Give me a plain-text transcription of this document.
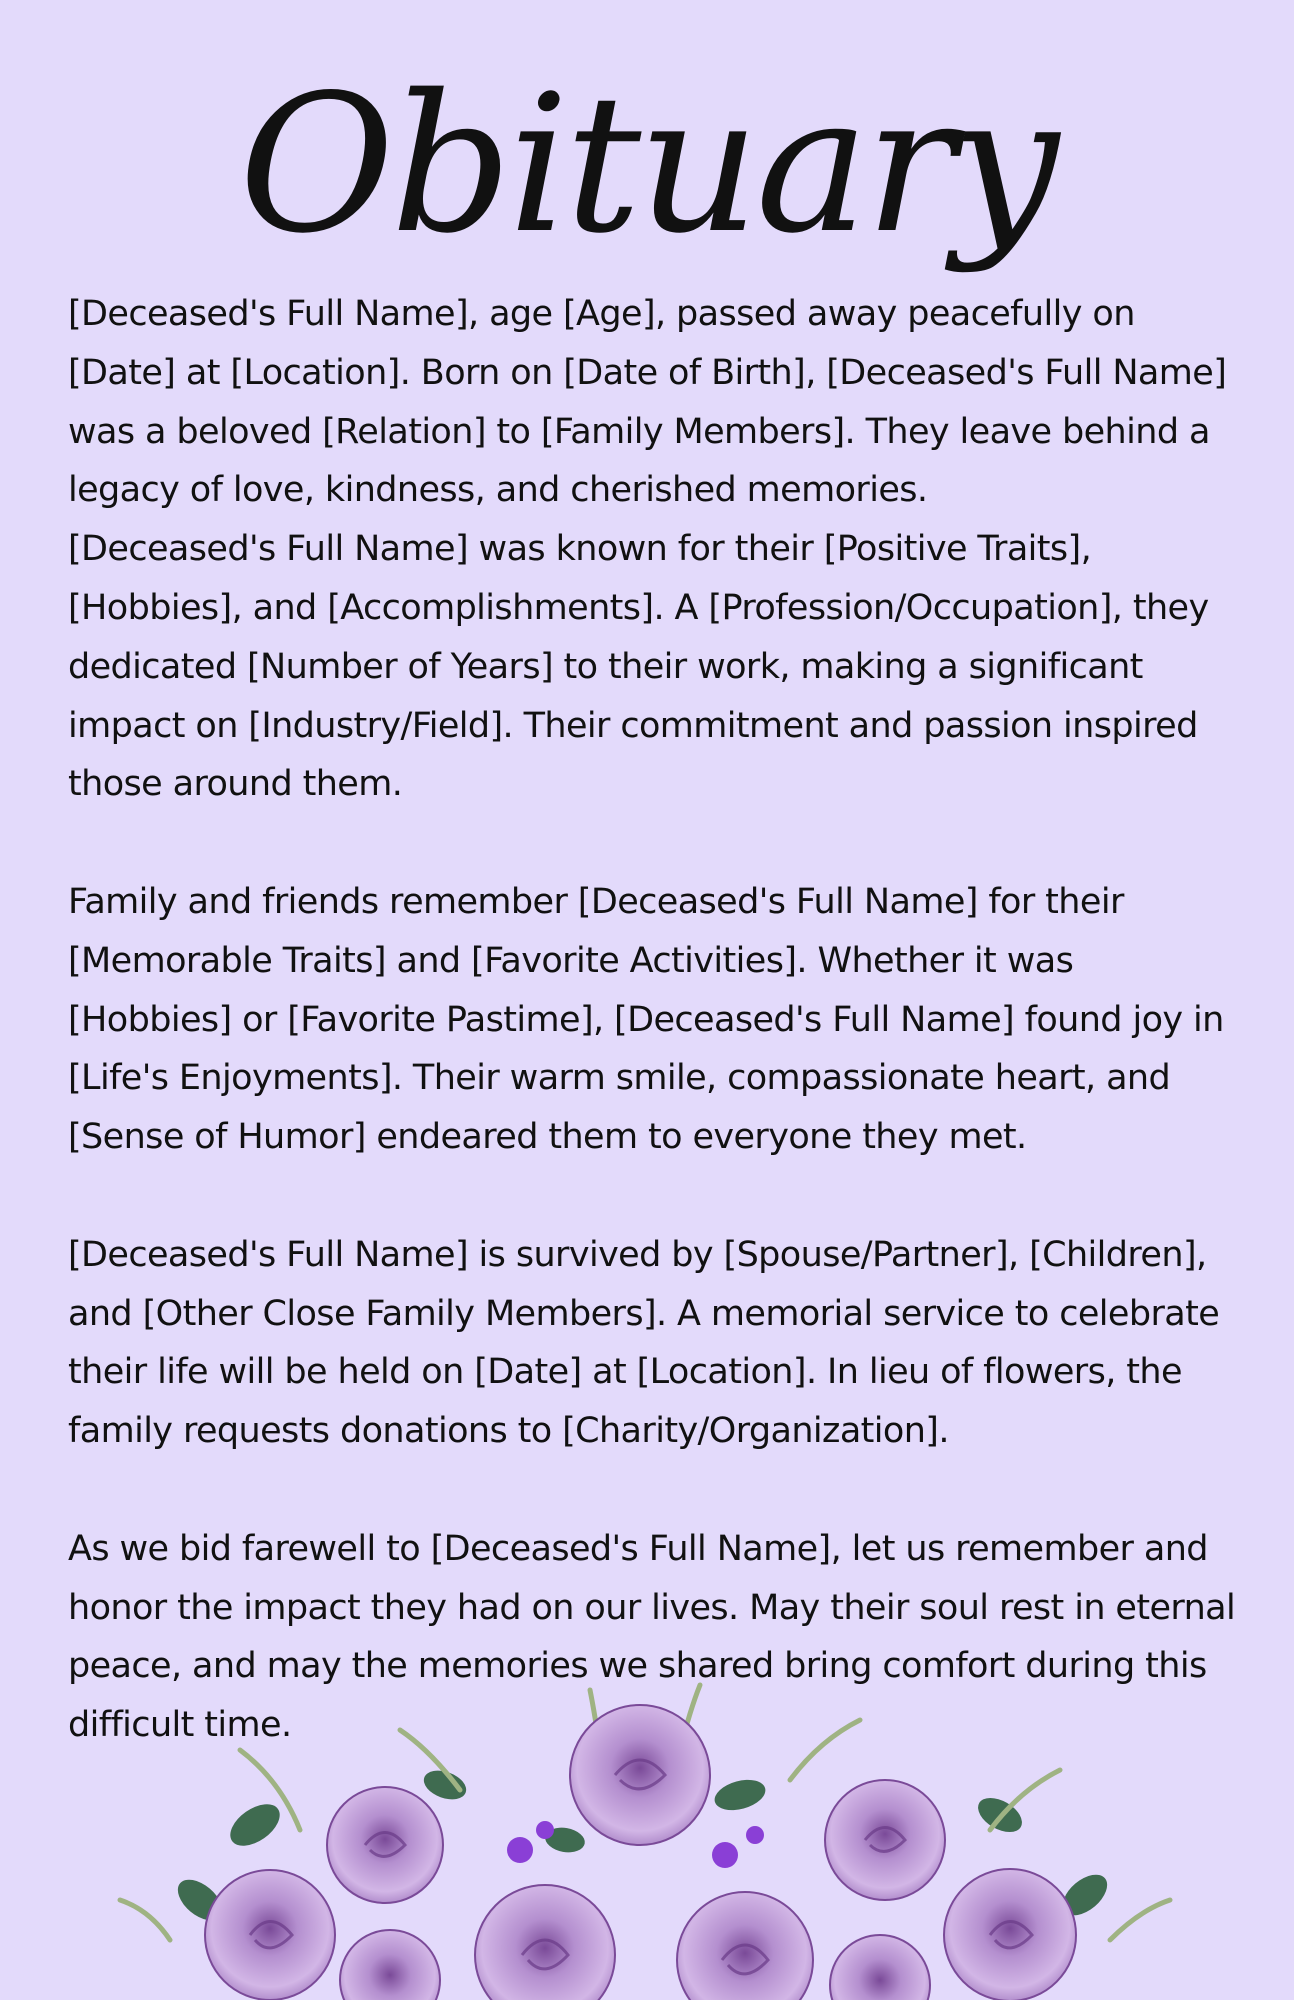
Obituary

[Deceased's Full Name], age [Age], passed away peacefully on [Date] at [Location]. Born on [Date of Birth], [Deceased's Full Name] was a beloved [Relation] to [Family Members]. They leave behind a legacy of love, kindness, and cherished memories.

[Deceased's Full Name] was known for their [Positive Traits], [Hobbies], and [Accomplishments]. A [Profession/Occupation], they dedicated [Number of Years] to their work, making a significant impact on [Industry/Field]. Their commitment and passion inspired those around them.

Family and friends remember [Deceased's Full Name] for their [Memorable Traits] and [Favorite Activities]. Whether it was [Hobbies] or [Favorite Pastime], [Deceased's Full Name] found joy in [Life's Enjoyments]. Their warm smile, compassionate heart, and [Sense of Humor] endeared them to everyone they met.

[Deceased's Full Name] is survived by [Spouse/Partner], [Children], and [Other Close Family Members]. A memorial service to celebrate their life will be held on [Date] at [Location]. In lieu of flowers, the family requests donations to [Charity/Organization].

As we bid farewell to [Deceased's Full Name], let us remember and honor the impact they had on our lives. May their soul rest in eternal peace, and may the memories we shared bring comfort during this difficult time.
